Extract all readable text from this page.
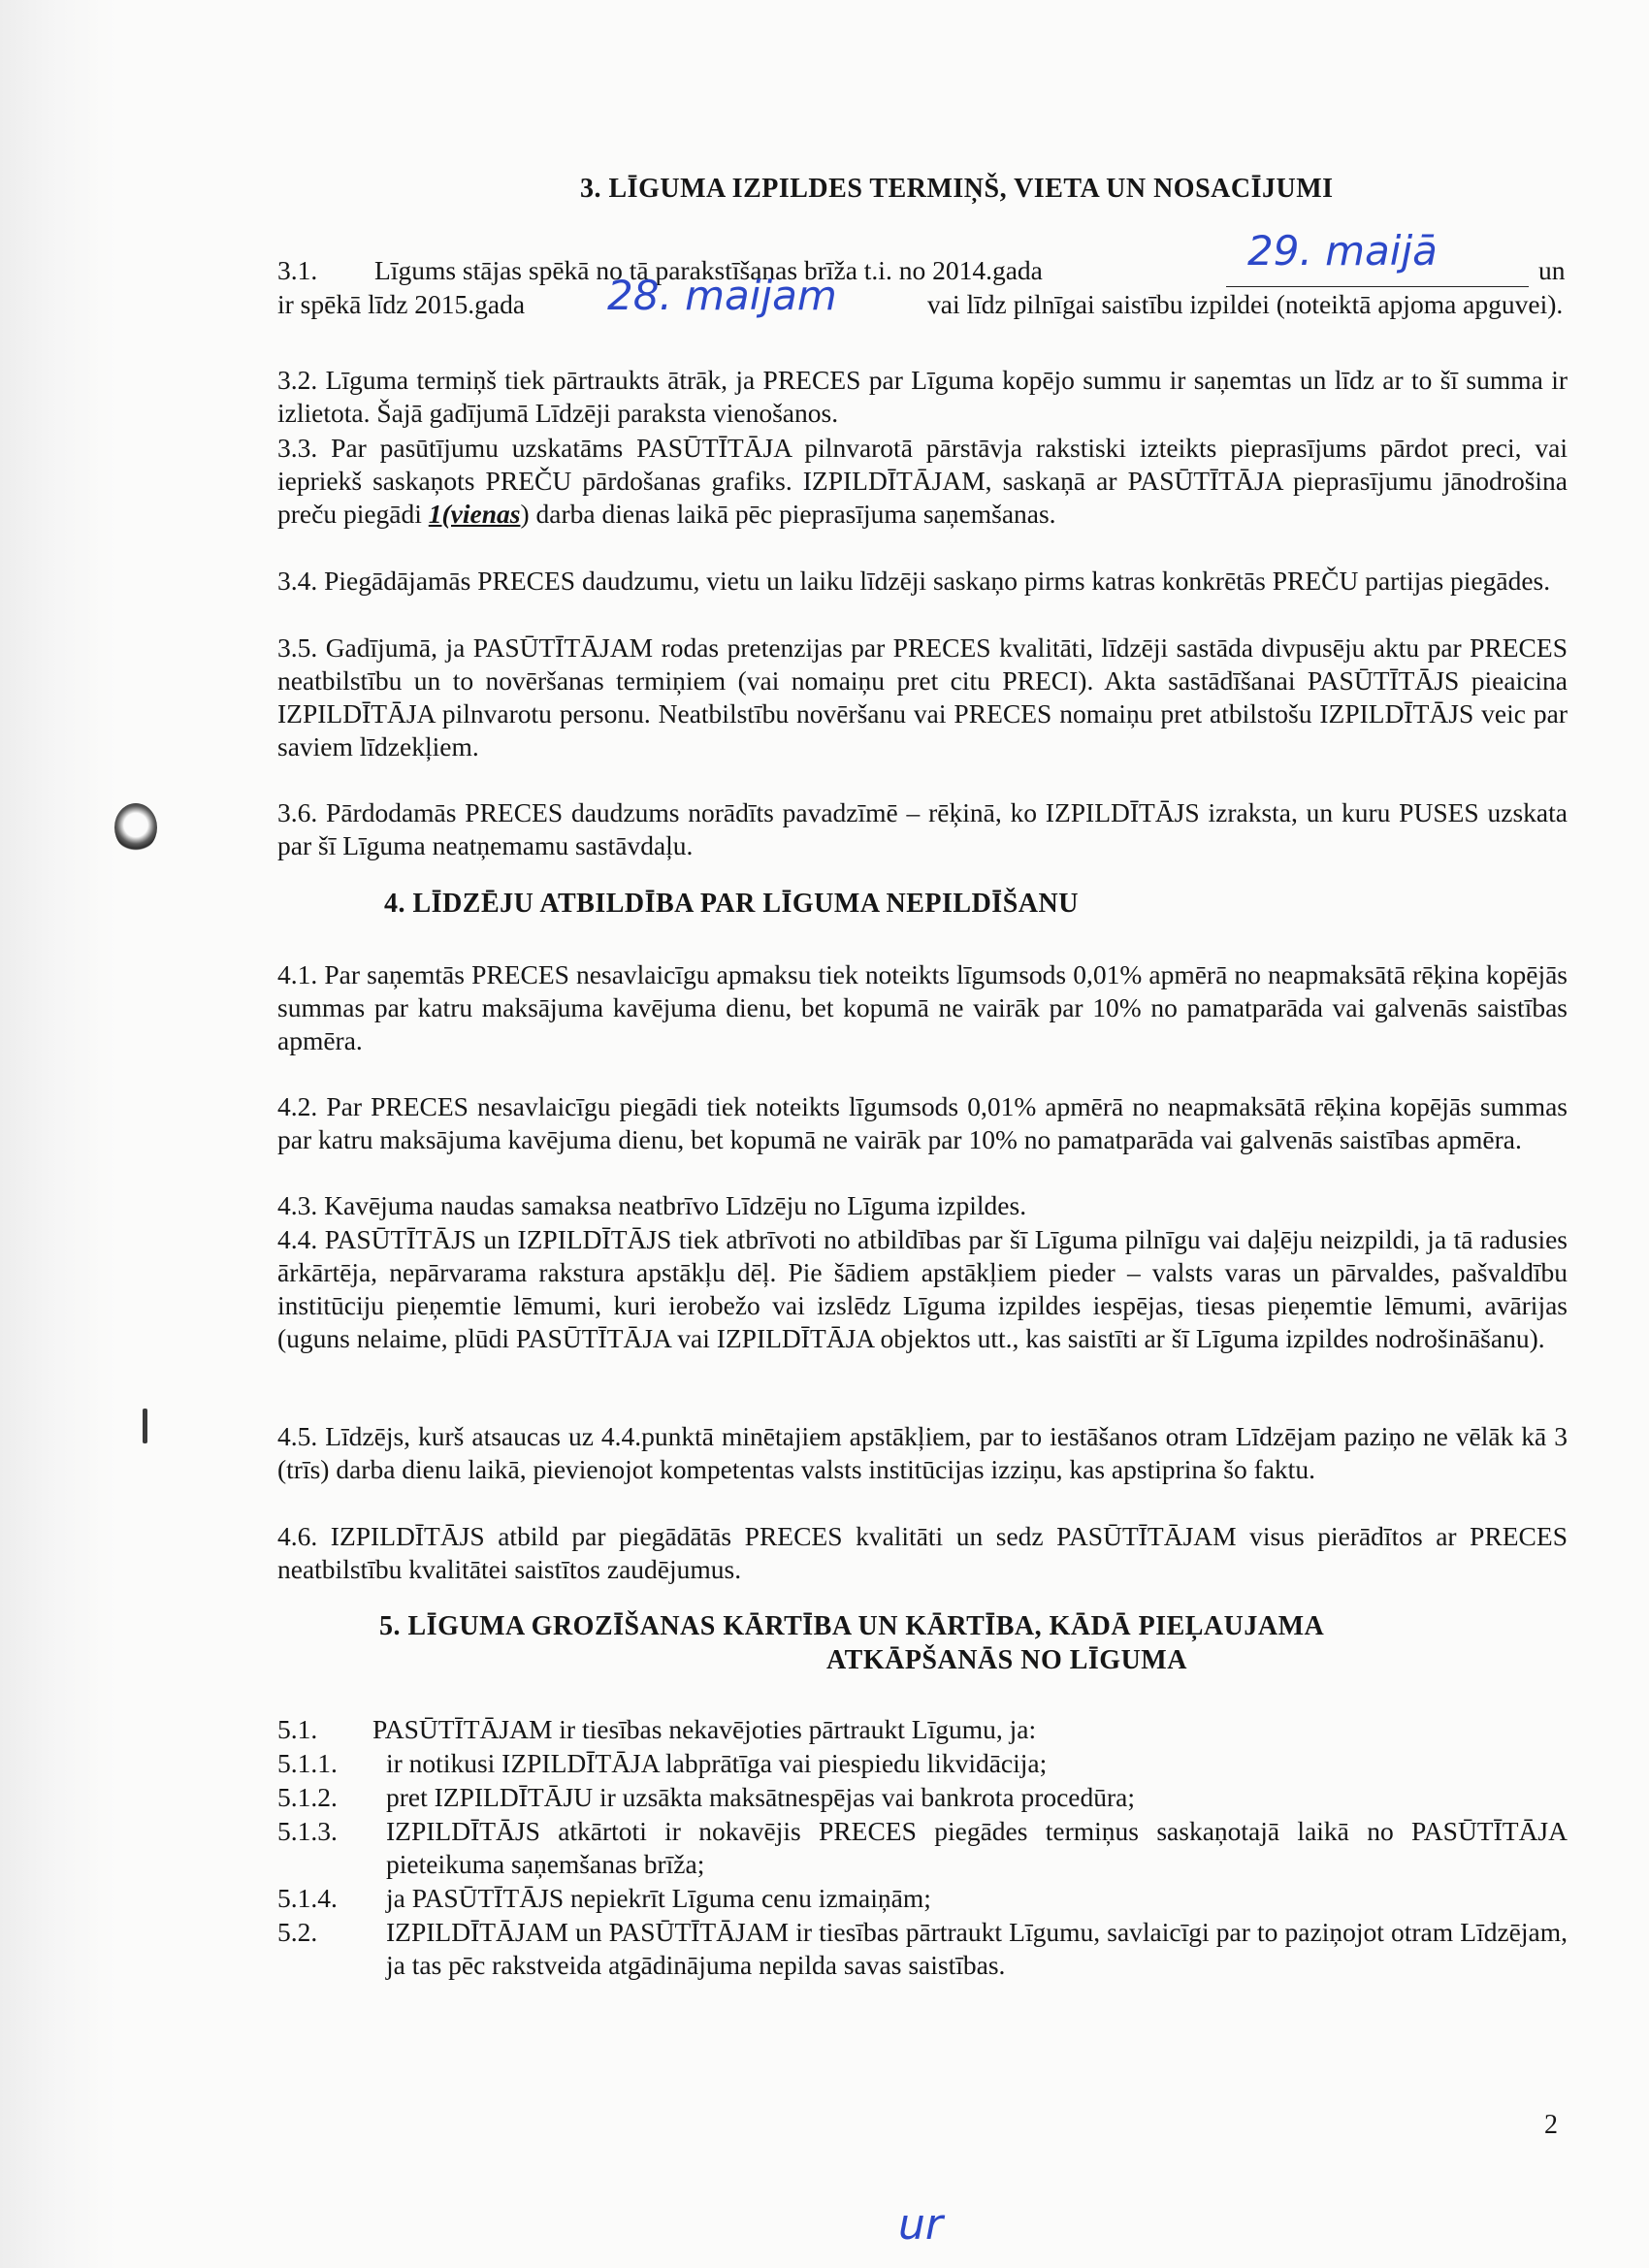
3. LĪGUMA IZPILDES TERMIŅŠ, VIETA UN NOSACĪJUMI
3.1. Līgums stājas spēkā no tā parakstīšanas brīža t.i. no 2014.gada	un
29. maijā
ir spēkā līdz 2015.gada 28. maijam	vai līdz pilnīgai saistību izpildei (noteiktā apjoma apguvei).
3.2. Līguma termiņš tiek pārtraukts ātrāk, ja PRECES par Līguma kopējo summu ir saņemtas un līdz ar to šī summa ir izlietota. Šajā gadījumā Līdzēji paraksta vienošanos.
3.3. Par pasūtījumu uzskatāms PASŪTĪTĀJA pilnvarotā pārstāvja rakstiski izteikts pieprasījums pārdot preci, vai iepriekš saskaņots PREČU pārdošanas grafiks. IZPILDĪTĀJAM, saskaņā ar PASŪTĪTĀJA pieprasījumu jānodrošina preču piegādi 1(vienas) darba dienas laikā pēc pieprasījuma saņemšanas.
3.4. Piegādājamās PRECES daudzumu, vietu un laiku līdzēji saskaņo pirms katras konkrētās PREČU partijas piegādes.
3.5. Gadījumā, ja PASŪTĪTĀJAM rodas pretenzijas par PRECES kvalitāti, līdzēji sastāda divpusēju aktu par PRECES neatbilstību un to novēršanas termiņiem (vai nomaiņu pret citu PRECI). Akta sastādīšanai PASŪTĪTĀJS pieaicina IZPILDĪTĀJA pilnvarotu personu. Neatbilstību novēršanu vai PRECES nomaiņu pret atbilstošu IZPILDĪTĀJS veic par saviem līdzekļiem.
3.6. Pārdodamās PRECES daudzums norādīts pavadzīmē – rēķinā, ko IZPILDĪTĀJS izraksta, un kuru PUSES uzskata par šī Līguma neatņemamu sastāvdaļu.
4. LĪDZĒJU ATBILDĪBA PAR LĪGUMA NEPILDĪŠANU
4.1. Par saņemtās PRECES nesavlaicīgu apmaksu tiek noteikts līgumsods 0,01% apmērā no neapmaksātā rēķina kopējās summas par katru maksājuma kavējuma dienu, bet kopumā ne vairāk par 10% no pamatparāda vai galvenās saistības apmēra.
4.2. Par PRECES nesavlaicīgu piegādi tiek noteikts līgumsods 0,01% apmērā no neapmaksātā rēķina kopējās summas par katru maksājuma kavējuma dienu, bet kopumā ne vairāk par 10% no pamatparāda vai galvenās saistības apmēra.
4.3. Kavējuma naudas samaksa neatbrīvo Līdzēju no Līguma izpildes.
4.4. PASŪTĪTĀJS un IZPILDĪTĀJS tiek atbrīvoti no atbildības par šī Līguma pilnīgu vai daļēju neizpildi, ja tā radusies ārkārtēja, nepārvarama rakstura apstākļu dēļ. Pie šādiem apstākļiem pieder – valsts varas un pārvaldes, pašvaldību institūciju pieņemtie lēmumi, kuri ierobežo vai izslēdz Līguma izpildes iespējas, tiesas pieņemtie lēmumi, avārijas (uguns nelaime, plūdi PASŪTĪTĀJA vai IZPILDĪTĀJA objektos utt., kas saistīti ar šī Līguma izpildes nodrošināšanu).
4.5. Līdzējs, kurš atsaucas uz 4.4.punktā minētajiem apstākļiem, par to iestāšanos otram Līdzējam paziņo ne vēlāk kā 3 (trīs) darba dienu laikā, pievienojot kompetentas valsts institūcijas izziņu, kas apstiprina šo faktu.
4.6. IZPILDĪTĀJS atbild par piegādātās PRECES kvalitāti un sedz PASŪTĪTĀJAM visus pierādītos ar PRECES neatbilstību kvalitātei saistītos zaudējumus.
5. LĪGUMA GROZĪŠANAS KĀRTĪBA UN KĀRTĪBA, KĀDĀ PIEĻAUJAMA
ATKĀPŠANĀS NO LĪGUMA
5.1. PASŪTĪTĀJAM ir tiesības nekavējoties pārtraukt Līgumu, ja:
5.1.1. ir notikusi IZPILDĪTĀJA labprātīga vai piespiedu likvidācija;
5.1.2. pret IZPILDĪTĀJU ir uzsākta maksātnespējas vai bankrota procedūra;
5.1.3. IZPILDĪTĀJS atkārtoti ir nokavējis PRECES piegādes termiņus saskaņotajā laikā no PASŪTĪTĀJA pieteikuma saņemšanas brīža;
5.1.4. ja PASŪTĪTĀJS nepiekrīt Līguma cenu izmaiņām;
5.2.	IZPILDĪTĀJAM un PASŪTĪTĀJAM ir tiesības pārtraukt Līgumu, savlaicīgi par to paziņojot otram Līdzējam, ja tas pēc rakstveida atgādinājuma nepilda savas saistības.
2
ur
